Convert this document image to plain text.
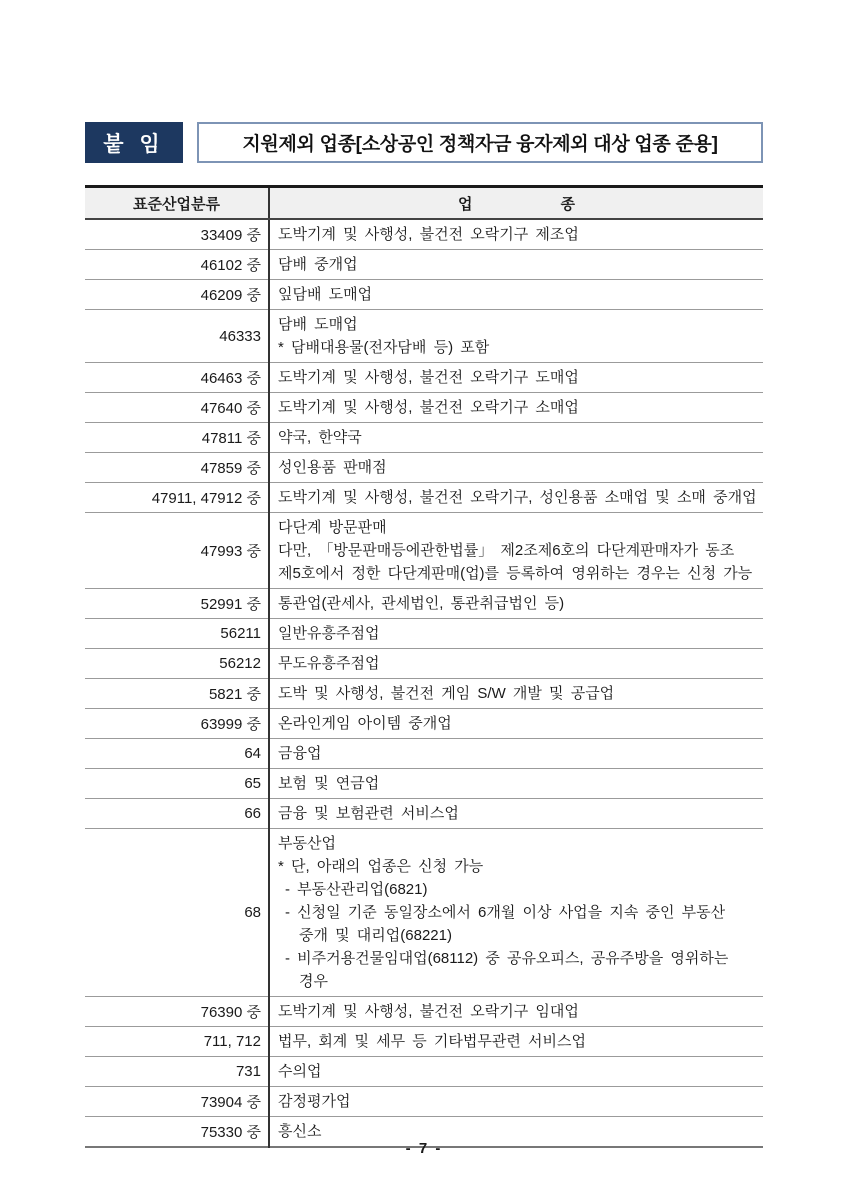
붙 임	지원제외 업종[소상공인 정책자금 융자제외 대상 업종 준용]
표준산업분류	업 종

33409 중	도박기계 및 사행성, 불건전 오락기구 제조업

46102 중	담배 중개업

46209 중	잎담배 도매업

46333	담배 도매업
* 담배대용물(전자담배 등) 포함

46463 중	도박기계 및 사행성, 불건전 오락기구 도매업

47640 중	도박기계 및 사행성, 불건전 오락기구 소매업

47811 중	약국, 한약국

47859 중	성인용품 판매점

47911, 47912 중	도박기계 및 사행성, 불건전 오락기구, 성인용품 소매업 및 소매 중개업

47993 중	다단계 방문판매
다만, 「방문판매등에관한법률」 제2조제6호의 다단계판매자가 동조
제5호에서 정한 다단계판매(업)를 등록하여 영위하는 경우는 신청 가능

52991 중	통관업(관세사, 관세법인, 통관취급법인 등)

56211	일반유흥주점업

56212	무도유흥주점업

5821 중	도박 및 사행성, 불건전 게임 S/W 개발 및 공급업

63999 중	온라인게임 아이템 중개업

64	금융업

65	보험 및 연금업

66	금융 및 보험관련 서비스업

68	
부동산업
* 단, 아래의 업종은 신청 가능
- 부동산관리업(6821)
- 신청일 기준 동일장소에서 6개월 이상 사업을 지속 중인 부동산
중개 및 대리업(68221)
- 비주거용건물임대업(68112) 중 공유오피스, 공유주방을 영위하는
경우

76390 중	도박기계 및 사행성, 불건전 오락기구 임대업

711, 712	법무, 회계 및 세무 등 기타법무관련 서비스업

731	수의업

73904 중	감정평가업

75330 중	흥신소
- 7 -
